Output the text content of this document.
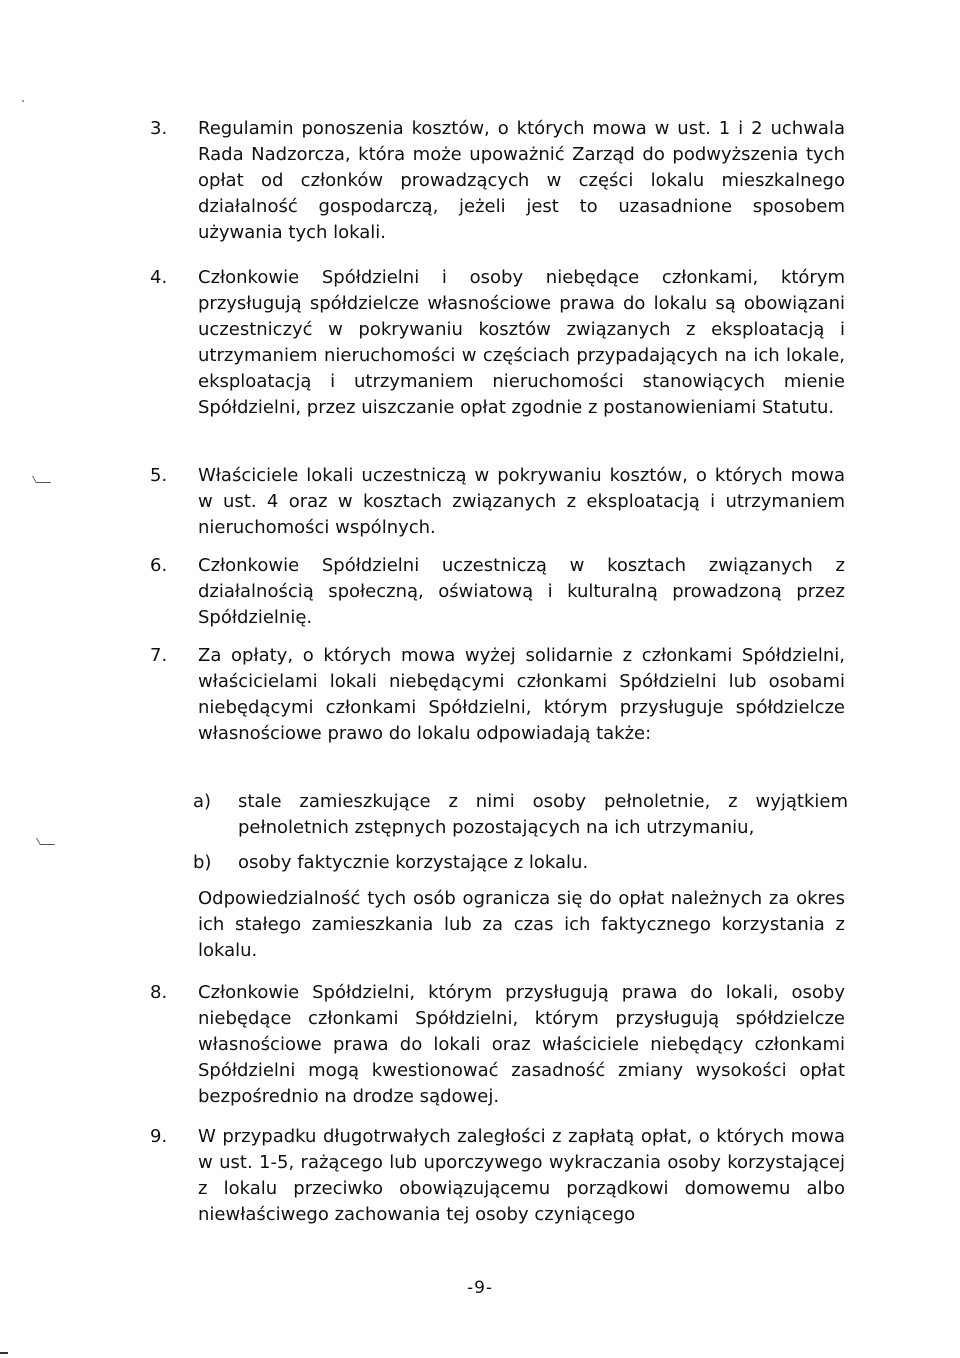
3. Regulamin ponoszenia kosztów, o których mowa w ust. 1 i 2 uchwala Rada Nadzorcza, która może upoważnić Zarząd do podwyższenia tych opłat od członków prowadzących w części lokalu mieszkalnego działalność gospodarczą, jeżeli jest to uzasadnione sposobem używania tych lokali.
4. Członkowie Spółdzielni i osoby niebędące członkami, którym przysługują spółdzielcze własnościowe prawa do lokalu są obowiązani uczestniczyć w pokrywaniu kosztów związanych z eksploatacją i utrzymaniem nieruchomości w częściach przypadających na ich lokale, eksploatacją i utrzymaniem nieruchomości stanowiących mienie Spółdzielni, przez uiszczanie opłat zgodnie z postanowieniami Statutu.
5. Właściciele lokali uczestniczą w pokrywaniu kosztów, o których mowa w ust. 4 oraz w kosztach związanych z eksploatacją i utrzymaniem nieruchomości wspólnych.
6. Członkowie Spółdzielni uczestniczą w kosztach związanych z działalnością społeczną, oświatową i kulturalną prowadzoną przez Spółdzielnię.
7. Za opłaty, o których mowa wyżej solidarnie z członkami Spółdzielni, właścicielami lokali niebędącymi członkami Spółdzielni lub osobami niebędącymi członkami Spółdzielni, którym przysługuje spółdzielcze własnościowe prawo do lokalu odpowiadają także:
a) stale zamieszkujące z nimi osoby pełnoletnie, z wyjątkiem pełnoletnich zstępnych pozostających na ich utrzymaniu,
b) osoby faktycznie korzystające z lokalu.
Odpowiedzialność tych osób ogranicza się do opłat należnych za okres ich stałego zamieszkania lub za czas ich faktycznego korzystania z lokalu.
8. Członkowie Spółdzielni, którym przysługują prawa do lokali, osoby niebędące członkami Spółdzielni, którym przysługują spółdzielcze własnościowe prawa do lokali oraz właściciele niebędący członkami Spółdzielni mogą kwestionować zasadność zmiany wysokości opłat bezpośrednio na drodze sądowej.
9. W przypadku długotrwałych zaległości z zapłatą opłat, o których mowa w ust. 1-5, rażącego lub uporczywego wykraczania osoby korzystającej z lokalu przeciwko obowiązującemu porządkowi domowemu albo niewłaściwego zachowania tej osoby czyniącego
-9-
